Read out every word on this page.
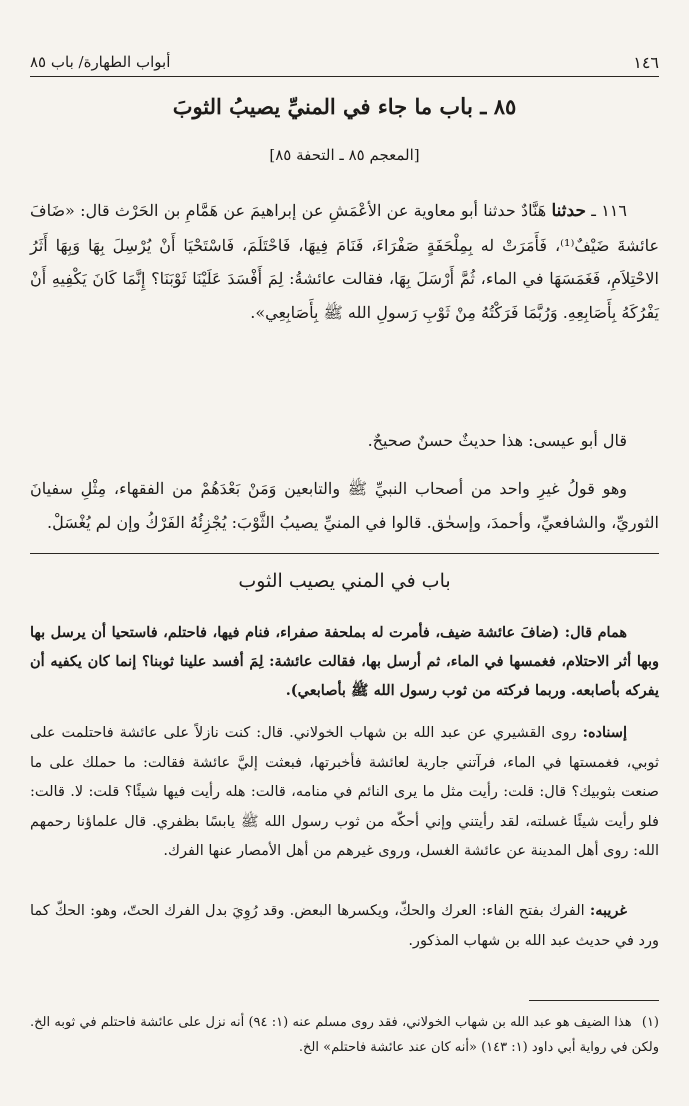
١٤٦
أبواب الطهارة/ باب ٨٥
٨٥ ـ باب ما جاء في المنيِّ يصيبُ الثوبَ
[المعجم ٨٥ ـ التحفة ٨٥]

١١٦ ـ حدثنا هَنَّادٌ حدثنا أبو معاوية عن الأعْمَشِ عن إبراهيمَ عن هَمَّامِ بن الحَرْث قال: «ضَافَ عائشةَ ضَيْفٌ⁽¹⁾، فَأَمَرَتْ له بِمِلْحَفَةٍ صَفْرَاءَ، فَنَامَ فِيهَا، فَاحْتَلَمَ، فَاسْتَحْيَا أَنْ يُرْسِلَ بِهَا وَبِهَا أَثَرُ الاحْتِلاَمِ، فَغَمَسَهَا في الماء، ثُمَّ أَرْسَلَ بِهَا، فقالت عائشةُ: لِمَ أَفْسَدَ عَلَيْنَا ثَوْبَنَا؟ إِنَّمَا كَانَ يَكْفِيهِ أَنْ يَفْرُكَهُ بِأَصَابِعِهِ. وَرُبَّمَا فَرَكْتُهُ مِنْ ثَوْبِ رَسولِ الله ﷺ بِأَصَابِعِي».

قال أبو عيسى: هذا حديثٌ حسنٌ صحيحٌ.
وهو قولُ غيرِ واحد من أصحاب النبيِّ ﷺ والتابعين وَمَنْ بَعْدَهُمْ من الفقهاء، مِثْلِ سفيانَ الثوريِّ، والشافعيِّ، وأحمدَ، وإسحٰق. قالوا في المنيِّ يصيبُ الثَّوْبَ: يُجْزِئُهُ الفَرْكُ وإن لم يُغْسَلْ.
باب في المني يصيب الثوب
همام قال: (ضافَ عائشة ضيف، فأمرت له بملحفة صفراء، فنام فيها، فاحتلم، فاستحيا أن يرسل بها وبها أثر الاحتلام، فغمسها في الماء، ثم أرسل بها، فقالت عائشة: لِمَ أفسد علينا ثوبنا؟ إنما كان يكفيه أن يفركه بأصابعه. وربما فركته من ثوب رسول الله ﷺ بأصابعي).
إسناده: روى القشيري عن عبد الله بن شهاب الخولاني. قال: كنت نازلاً على عائشة فاحتلمت على ثوبي، فغمستها في الماء، فرآتني جارية لعائشة فأخبرتها، فبعثت إليَّ عائشة فقالت: ما حملك على ما صنعت بثوبيك؟ قال: قلت: رأيت مثل ما يرى النائم في منامه، قالت: هله رأيت فيها شيئًا؟ قلت: لا. قالت: فلو رأيت شيئًا غسلته، لقد رأيتني وإني أحكّه من ثوب رسول الله ﷺ يابسًا بظفري. قال علماؤنا رحمهم الله: روى أهل المدينة عن عائشة الغسل، وروى غيرهم من أهل الأمصار عنها الفرك.
غريبه: الفرك بفتح الفاء: العرك والحكّ، ويكسرها البعض. وقد رُوِيَ بدل الفرك الحتّ، وهو: الحكّ كما ورد في حديث عبد الله بن شهاب المذكور.
(١) هذا الضيف هو عبد الله بن شهاب الخولاني، فقد روى مسلم عنه (١: ٩٤) أنه نزل على عائشة فاحتلم في ثوبه الخ. ولكن في رواية أبي داود (١: ١٤٣) «أنه كان عند عائشة فاحتلم» الخ.
